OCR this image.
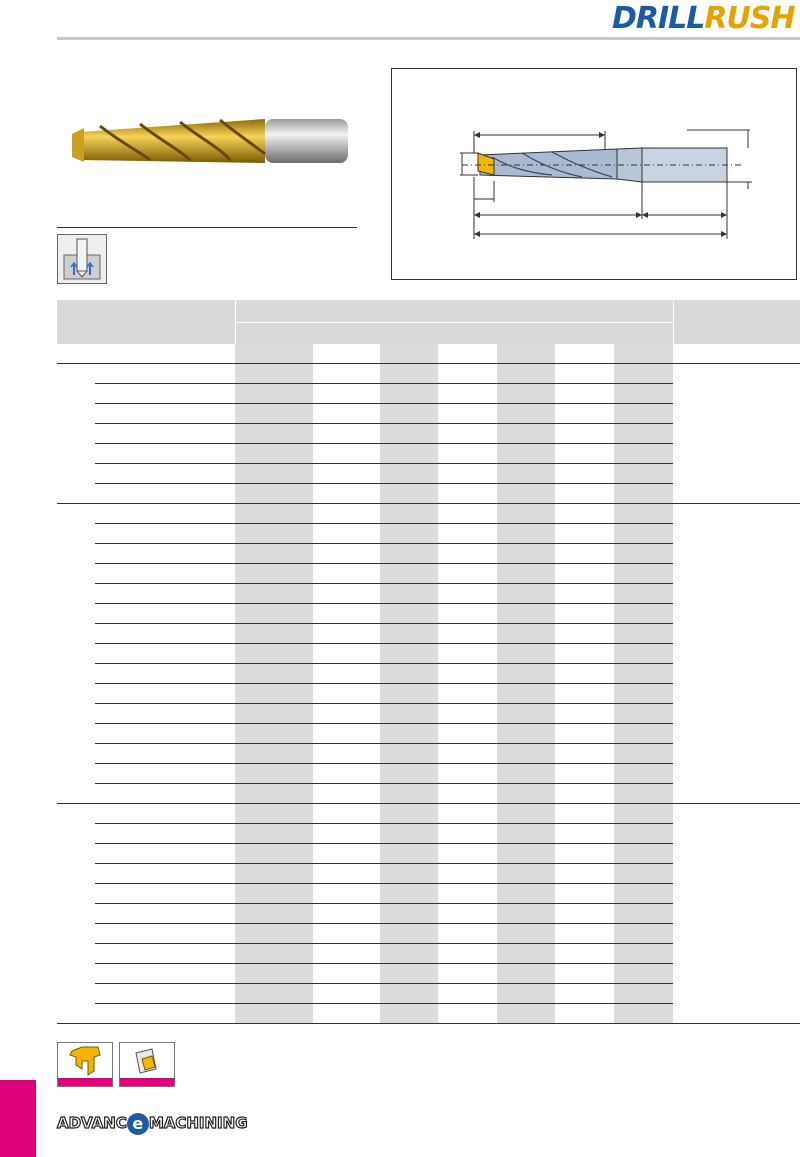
DRILLRUSH

ADVANC e MACHINING
